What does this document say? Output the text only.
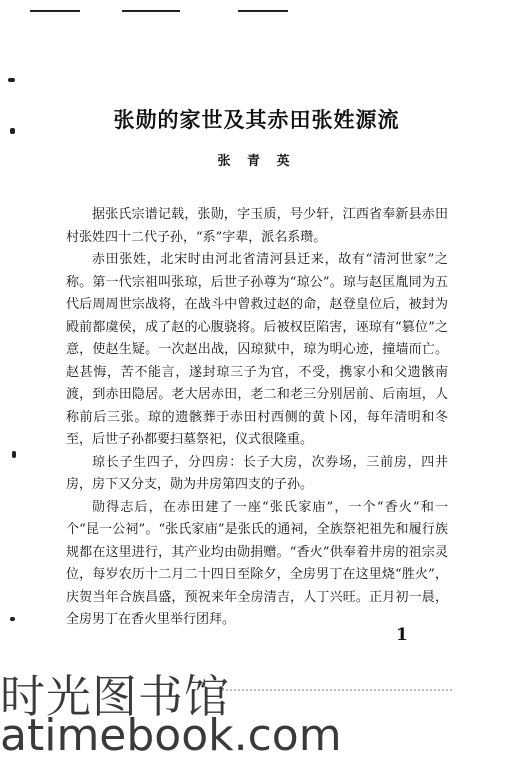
张勋的家世及其赤田张姓源流
张 青 英

据张氏宗谱记载，张勋，字玉质，号少轩，江西省奉新县赤田村张姓四十二代子孙，“系”字辈，派名系瓒。

赤田张姓，北宋时由河北省清河县迁来，故有“清河世家”之称。第一代宗祖叫张琼，后世子孙尊为“琼公”。琼与赵匡胤同为五代后周周世宗战将，在战斗中曾救过赵的命，赵登皇位后，被封为殿前都虞侯，成了赵的心腹骁将。后被权臣陷害，诬琼有“篡位”之意，使赵生疑。一次赵出战，囚琼狱中，琼为明心迹，撞墙而亡。赵甚悔，苦不能言，遂封琼三子为官，不受，携家小和父遗骸南渡，到赤田隐居。老大居赤田，老二和老三分别居前、后南垣，人称前后三张。琼的遗骸葬于赤田村西侧的黄卜冈，每年清明和冬至，后世子孙都要扫墓祭祀，仪式很隆重。

琼长子生四子，分四房：长子大房，次券场，三前房，四井房，房下又分支，勋为井房第四支的子孙。

勋得志后，在赤田建了一座“张氏家庙”，一个“香火”和一个“昆一公祠”。“张氏家庙”是张氏的通祠，全族祭祀祖先和履行族规都在这里进行，其产业均由勋捐赠。“香火”供奉着井房的祖宗灵位，每岁农历十二月二十四日至除夕，全房男丁在这里烧“胜火”，庆贺当年合族昌盛，预祝来年全房清吉，人丁兴旺。正月初一晨，全房男丁在香火里举行团拜。

1
时光图书馆
atimebook.com
